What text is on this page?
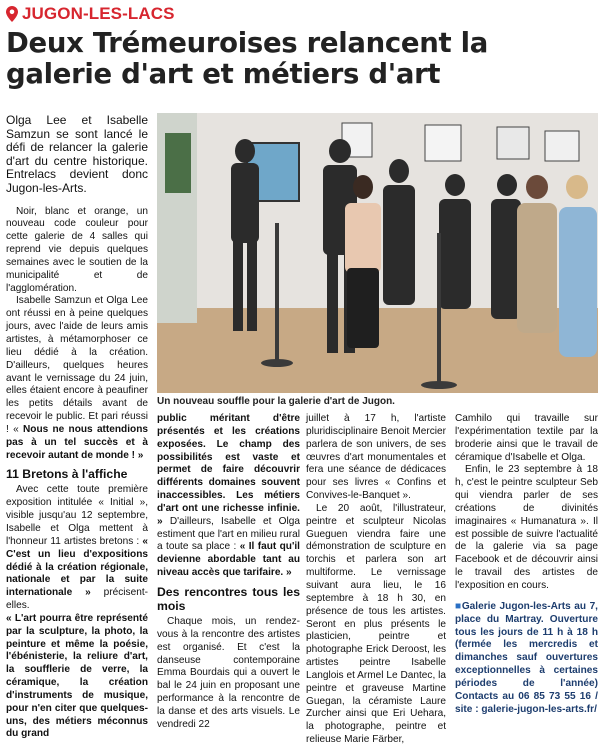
JUGON-LES-LACS
Deux Trémeuroises relancent la galerie d'art et métiers d'art

Olga Lee et Isabelle Samzun se sont lancé le défi de relancer la galerie d'art du centre historique. Entrelacs devient donc Jugon-les-Arts.

Noir, blanc et orange, un nouveau code couleur pour cette galerie de 4 salles qui reprend vie depuis quelques semaines avec le soutien de la municipalité et de l'agglomération.

Isabelle Samzun et Olga Lee ont réussi en à peine quelques jours, avec l'aide de leurs amis artistes, à métamorphoser ce lieu dédié à la création. D'ailleurs, quelques heures avant le vernissage du 24 juin, elles étaient encore à peaufiner les petits détails avant de recevoir le public. Et pari réussi ! « Nous ne nous attendions pas à un tel succès et à recevoir autant de monde ! »

11 Bretons à l'affiche

Avec cette toute première exposition intitulée « Initial », visible jusqu'au 12 septembre, Isabelle et Olga mettent à l'honneur 11 artistes bretons : « C'est un lieu d'expositions dédié à la création régionale, nationale et par la suite internationale » précisent-elles.

« L'art pourra être représenté par la sculpture, la photo, la peinture et même la poésie, l'ébénisterie, la reliure d'art, la soufflerie de verre, la céramique, la création d'instruments de musique, pour n'en citer que quelques-uns, des métiers méconnus du grand

Un nouveau souffle pour la galerie d'art de Jugon.

public méritant d'être présentés et les créations exposées. Le champ des possibilités est vaste et permet de faire découvrir différents domaines souvent inaccessibles. Les métiers d'art ont une richesse infinie. » D'ailleurs, Isabelle et Olga estiment que l'art en milieu rural a toute sa place : « Il faut qu'il devienne abordable tant au niveau accès que tarifaire. »

Des rencontres tous les mois

Chaque mois, un rendez-vous à la rencontre des artistes est organisé. Et c'est la danseuse contemporaine Emma Bourdais qui a ouvert le bal le 24 juin en proposant une performance à la rencontre de la danse et des arts visuels. Le vendredi 22

juillet à 17 h, l'artiste pluridisciplinaire Benoit Mercier parlera de son univers, de ses œuvres d'art monumentales et fera une séance de dédicaces pour ses livres « Confins et Convives-le-Banquet ».

Le 20 août, l'illustrateur, peintre et sculpteur Nicolas Gueguen viendra faire une démonstration de sculpture en torchis et parlera son art multiforme. Le vernissage suivant aura lieu, le 16 septembre à 18 h 30, en présence de tous les artistes. Seront en plus présents le plasticien, peintre et photographe Erick Deroost, les artistes peintre Isabelle Langlois et Armel Le Dantec, la peintre et graveuse Martine Guegan, la céramiste Laure Zurcher ainsi que Eri Uehara, la photographe, peintre et relieuse Marie Färber,

Camhilo qui travaille sur l'expérimentation textile par la broderie ainsi que le travail de céramique d'Isabelle et Olga.

Enfin, le 23 septembre à 18 h, c'est le peintre sculpteur Seb qui viendra parler de ses créations de divinités imaginaires « Humanatura ». Il est possible de suivre l'actualité de la galerie via sa page Facebook et de découvrir ainsi le travail des artistes de l'exposition en cours.

■Galerie Jugon-les-Arts au 7, place du Martray. Ouverture tous les jours de 11 h à 18 h (fermée les mercredis et dimanches sauf ouvertures exceptionnelles à certaines périodes de l'année) Contacts au 06 85 73 55 16 / site : galerie-jugon-les-arts.fr/
